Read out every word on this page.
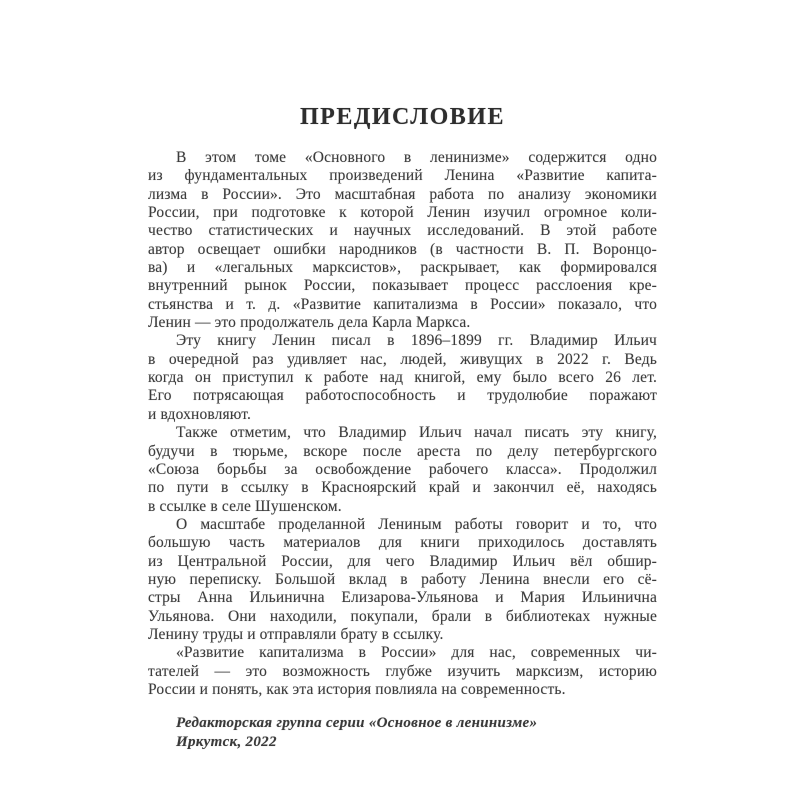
ПРЕДИСЛОВИЕ
В этом томе «Основного в ленинизме» содержится одно
из фундаментальных произведений Ленина «Развитие капита-
лизма в России». Это масштабная работа по анализу экономики
России, при подготовке к которой Ленин изучил огромное коли-
чество статистических и научных исследований. В этой работе
автор освещает ошибки народников (в частности В. П. Воронцо-
ва) и «легальных марксистов», раскрывает, как формировался
внутренний рынок России, показывает процесс расслоения кре-
стьянства и т. д. «Развитие капитализма в России» показало, что
Ленин — это продолжатель дела Карла Маркса.
Эту книгу Ленин писал в 1896–1899 гг. Владимир Ильич
в очередной раз удивляет нас, людей, живущих в 2022 г. Ведь
когда он приступил к работе над книгой, ему было всего 26 лет.
Его потрясающая работоспособность и трудолюбие поражают
и вдохновляют.
Также отметим, что Владимир Ильич начал писать эту книгу,
будучи в тюрьме, вскоре после ареста по делу петербургского
«Союза борьбы за освобождение рабочего класса». Продолжил
по пути в ссылку в Красноярский край и закончил её, находясь
в ссылке в селе Шушенском.
О масштабе проделанной Лениным работы говорит и то, что
большую часть материалов для книги приходилось доставлять
из Центральной России, для чего Владимир Ильич вёл обшир-
ную переписку. Большой вклад в работу Ленина внесли его сё-
стры Анна Ильинична Елизарова-Ульянова и Мария Ильинична
Ульянова. Они находили, покупали, брали в библиотеках нужные
Ленину труды и отправляли брату в ссылку.
«Развитие капитализма в России» для нас, современных чи-
тателей — это возможность глубже изучить марксизм, историю
России и понять, как эта история повлияла на современность.
Редакторская группа серии «Основное в ленинизме»
Иркутск, 2022
